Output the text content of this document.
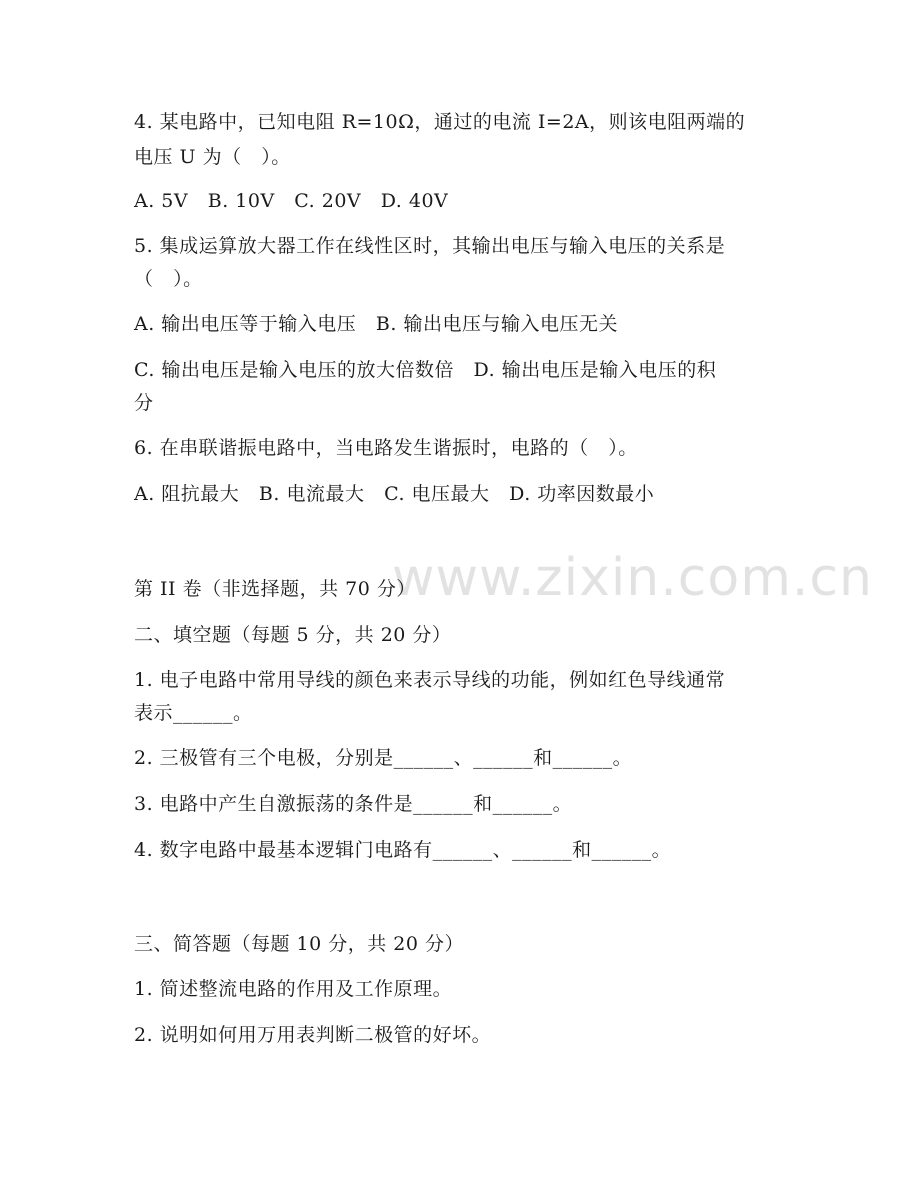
www.zixin.com.cn
4. 某电路中，已知电阻 R=10Ω，通过的电流 I=2A，则该电阻两端的
电压 U 为（   ）。
A. 5V   B. 10V   C. 20V   D. 40V
5. 集成运算放大器工作在线性区时，其输出电压与输入电压的关系是
（   ）。
A. 输出电压等于输入电压   B. 输出电压与输入电压无关
C. 输出电压是输入电压的放大倍数倍   D. 输出电压是输入电压的积
分
6. 在串联谐振电路中，当电路发生谐振时，电路的（   ）。
A. 阻抗最大   B. 电流最大   C. 电压最大   D. 功率因数最小
第 II 卷（非选择题，共 70 分）
二、填空题（每题 5 分，共 20 分）
1. 电子电路中常用导线的颜色来表示导线的功能，例如红色导线通常
表示______。
2. 三极管有三个电极，分别是______、______和______。
3. 电路中产生自激振荡的条件是______和______。
4. 数字电路中最基本逻辑门电路有______、______和______。
三、简答题（每题 10 分，共 20 分）
1. 简述整流电路的作用及工作原理。
2. 说明如何用万用表判断二极管的好坏。
